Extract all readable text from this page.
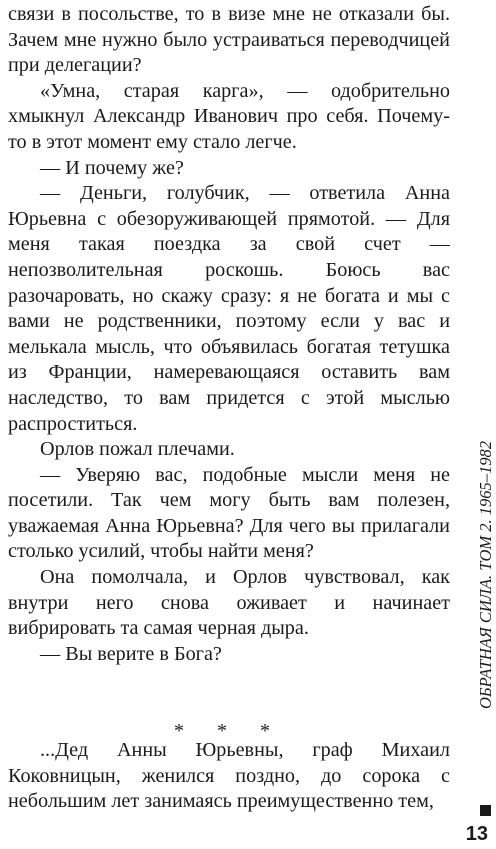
связи в посольстве, то в визе мне не отказали бы. Зачем мне нужно было устраиваться переводчицей при делегации?

«Умна, старая карга», — одобрительно хмыкнул Александр Иванович про себя. Почему-то в этот момент ему стало легче.

— И почему же?

— Деньги, голубчик, — ответила Анна Юрьевна с обезоруживающей прямотой. — Для меня такая поездка за свой счет — непозволительная роскошь. Боюсь вас разочаровать, но скажу сразу: я не богата и мы с вами не родственники, поэтому если у вас и мелькала мысль, что объявилась богатая тетушка из Франции, намеревающаяся оставить вам наследство, то вам придется с этой мыслью распроститься.

Орлов пожал плечами.

— Уверяю вас, подобные мысли меня не посетили. Так чем могу быть вам полезен, уважаемая Анна Юрьевна? Для чего вы прилагали столько усилий, чтобы найти меня?

Она помолчала, и Орлов чувствовал, как внутри него снова оживает и начинает вибрировать та самая черная дыра.

— Вы верите в Бога?

* * *

...Дед Анны Юрьевны, граф Михаил Коковницын, женился поздно, до сорока с небольшим лет занимаясь преимущественно тем,

ОБРАТНАЯ СИЛА. ТОМ 2. 1965–1982
13
